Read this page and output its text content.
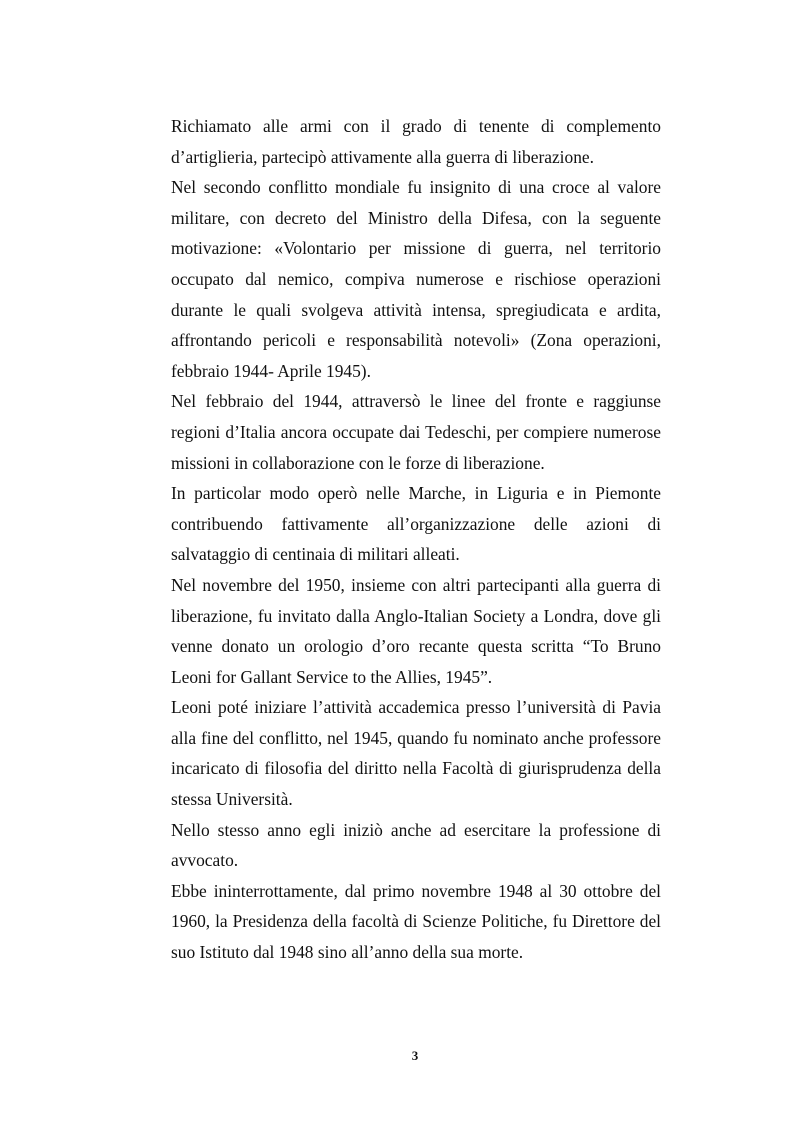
Richiamato alle armi con il grado di tenente di complemento d’artiglieria, partecipò attivamente alla guerra di liberazione.

Nel secondo conflitto mondiale fu insignito di una croce al valore militare, con decreto del Ministro della Difesa, con la seguente motivazione: «Volontario per missione di guerra, nel territorio occupato dal nemico, compiva numerose e rischiose operazioni durante le quali svolgeva attività intensa, spregiudicata e ardita, affrontando pericoli e responsabilità notevoli» (Zona operazioni, febbraio 1944- Aprile 1945).

Nel febbraio del 1944, attraversò le linee del fronte e raggiunse regioni d’Italia ancora occupate dai Tedeschi, per compiere numerose missioni in collaborazione con le forze di liberazione.

In particolar modo operò nelle Marche, in Liguria e in Piemonte contribuendo fattivamente all’organizzazione delle azioni di salvataggio di centinaia di militari alleati.

Nel novembre del 1950, insieme con altri partecipanti alla guerra di liberazione, fu invitato dalla Anglo-Italian Society a Londra, dove gli venne donato un orologio d’oro recante questa scritta “To Bruno Leoni for Gallant Service to the Allies, 1945”.

Leoni poté iniziare l’attività accademica presso l’università di Pavia alla fine del conflitto, nel 1945, quando fu nominato anche professore incaricato di filosofia del diritto nella Facoltà di giurisprudenza della stessa Università.

Nello stesso anno egli iniziò anche ad esercitare la professione di avvocato.

Ebbe ininterrottamente, dal primo novembre 1948 al 30 ottobre del 1960, la Presidenza della facoltà di Scienze Politiche, fu Direttore del suo Istituto dal 1948 sino all’anno della sua morte.

3
